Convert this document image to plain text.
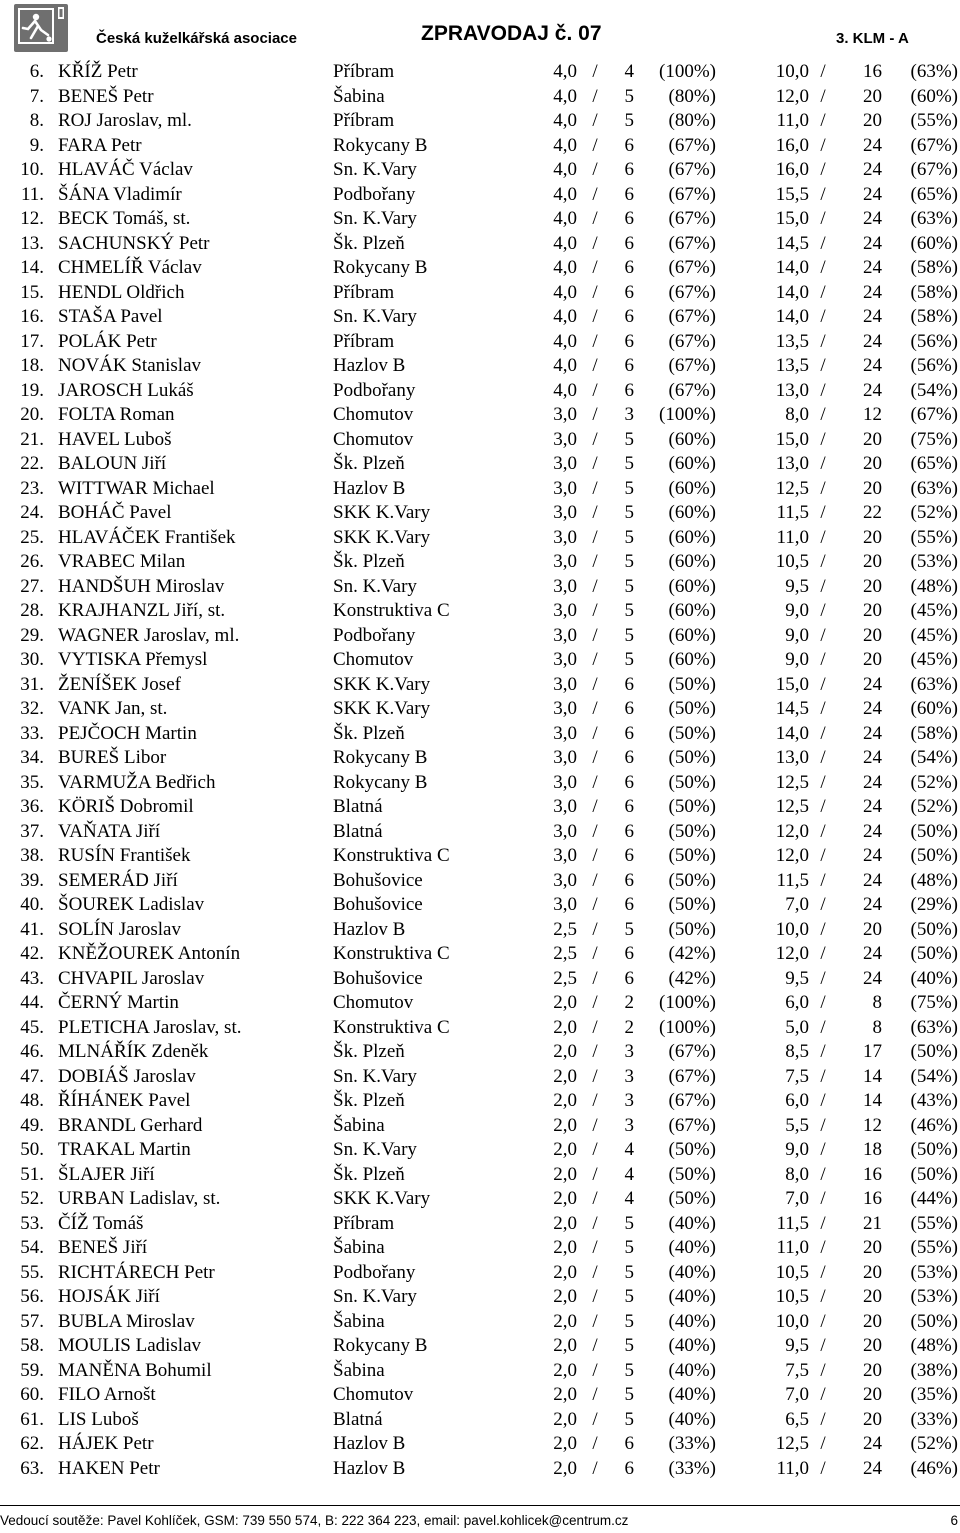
Česká kuželkářská asociace	ZPRAVODAJ č. 07	3. KLM - A
6. KŘÍŽ Petr	Příbram	4,0 /	4	(100%)	10,0 /	16	(63%)
7. BENEŠ Petr	Šabina	4,0 /	5	(80%)	12,0 /	20	(60%)
8. ROJ Jaroslav, ml.	Příbram	4,0 /	5	(80%)	11,0 /	20	(55%)
9. FARA Petr	Rokycany B	4,0 /	6	(67%)	16,0 /	24	(67%)
10. HLAVÁČ Václav	Sn. K.Vary	4,0 /	6	(67%)	16,0 /	24	(67%)
11. ŠÁNA Vladimír	Podbořany	4,0 /	6	(67%)	15,5 /	24	(65%)
12. BECK Tomáš, st.	Sn. K.Vary	4,0 /	6	(67%)	15,0 /	24	(63%)
13. SACHUNSKÝ Petr	Šk. Plzeň	4,0 /	6	(67%)	14,5 /	24	(60%)
14. CHMELÍŘ Václav	Rokycany B	4,0 /	6	(67%)	14,0 /	24	(58%)
15. HENDL Oldřich	Příbram	4,0 /	6	(67%)	14,0 /	24	(58%)
16. STAŠA Pavel	Sn. K.Vary	4,0 /	6	(67%)	14,0 /	24	(58%)
17. POLÁK Petr	Příbram	4,0 /	6	(67%)	13,5 /	24	(56%)
18. NOVÁK Stanislav	Hazlov B	4,0 /	6	(67%)	13,5 /	24	(56%)
19. JAROSCH Lukáš	Podbořany	4,0 /	6	(67%)	13,0 /	24	(54%)
20. FOLTA Roman	Chomutov	3,0 /	3	(100%)	8,0 /	12	(67%)
21. HAVEL Luboš	Chomutov	3,0 /	5	(60%)	15,0 /	20	(75%)
22. BALOUN Jiří	Šk. Plzeň	3,0 /	5	(60%)	13,0 /	20	(65%)
23. WITTWAR Michael	Hazlov B	3,0 /	5	(60%)	12,5 /	20	(63%)
24. BOHÁČ Pavel	SKK K.Vary	3,0 /	5	(60%)	11,5 /	22	(52%)
25. HLAVÁČEK František	SKK K.Vary	3,0 /	5	(60%)	11,0 /	20	(55%)
26. VRABEC Milan	Šk. Plzeň	3,0 /	5	(60%)	10,5 /	20	(53%)
27. HANDŠUH Miroslav	Sn. K.Vary	3,0 /	5	(60%)	9,5 /	20	(48%)
28. KRAJHANZL Jiří, st.	Konstruktiva C	3,0 /	5	(60%)	9,0 /	20	(45%)
29. WAGNER Jaroslav, ml.	Podbořany	3,0 /	5	(60%)	9,0 /	20	(45%)
30. VYTISKA Přemysl	Chomutov	3,0 /	5	(60%)	9,0 /	20	(45%)
31. ŽENÍŠEK Josef	SKK K.Vary	3,0 /	6	(50%)	15,0 /	24	(63%)
32. VANK Jan, st.	SKK K.Vary	3,0 /	6	(50%)	14,5 /	24	(60%)
33. PEJČOCH Martin	Šk. Plzeň	3,0 /	6	(50%)	14,0 /	24	(58%)
34. BUREŠ Libor	Rokycany B	3,0 /	6	(50%)	13,0 /	24	(54%)
35. VARMUŽA Bedřich	Rokycany B	3,0 /	6	(50%)	12,5 /	24	(52%)
36. KÖRIŠ Dobromil	Blatná	3,0 /	6	(50%)	12,5 /	24	(52%)
37. VAŇATA Jiří	Blatná	3,0 /	6	(50%)	12,0 /	24	(50%)
38. RUSÍN František	Konstruktiva C	3,0 /	6	(50%)	12,0 /	24	(50%)
39. SEMERÁD Jiří	Bohušovice	3,0 /	6	(50%)	11,5 /	24	(48%)
40. ŠOUREK Ladislav	Bohušovice	3,0 /	6	(50%)	7,0 /	24	(29%)
41. SOLÍN Jaroslav	Hazlov B	2,5 /	5	(50%)	10,0 /	20	(50%)
42. KNĚŽOUREK Antonín	Konstruktiva C	2,5 /	6	(42%)	12,0 /	24	(50%)
43. CHVAPIL Jaroslav	Bohušovice	2,5 /	6	(42%)	9,5 /	24	(40%)
44. ČERNÝ Martin	Chomutov	2,0 /	2	(100%)	6,0 /	8	(75%)
45. PLETICHA Jaroslav, st.	Konstruktiva C	2,0 /	2	(100%)	5,0 /	8	(63%)
46. MLNÁŘÍK Zdeněk	Šk. Plzeň	2,0 /	3	(67%)	8,5 /	17	(50%)
47. DOBIÁŠ Jaroslav	Sn. K.Vary	2,0 /	3	(67%)	7,5 /	14	(54%)
48. ŘÍHÁNEK Pavel	Šk. Plzeň	2,0 /	3	(67%)	6,0 /	14	(43%)
49. BRANDL Gerhard	Šabina	2,0 /	3	(67%)	5,5 /	12	(46%)
50. TRAKAL Martin	Sn. K.Vary	2,0 /	4	(50%)	9,0 /	18	(50%)
51. ŠLAJER Jiří	Šk. Plzeň	2,0 /	4	(50%)	8,0 /	16	(50%)
52. URBAN Ladislav, st.	SKK K.Vary	2,0 /	4	(50%)	7,0 /	16	(44%)
53. ČÍŽ Tomáš	Příbram	2,0 /	5	(40%)	11,5 /	21	(55%)
54. BENEŠ Jiří	Šabina	2,0 /	5	(40%)	11,0 /	20	(55%)
55. RICHTÁRECH Petr	Podbořany	2,0 /	5	(40%)	10,5 /	20	(53%)
56. HOJSÁK Jiří	Sn. K.Vary	2,0 /	5	(40%)	10,5 /	20	(53%)
57. BUBLA Miroslav	Šabina	2,0 /	5	(40%)	10,0 /	20	(50%)
58. MOULIS Ladislav	Rokycany B	2,0 /	5	(40%)	9,5 /	20	(48%)
59. MANĚNA Bohumil	Šabina	2,0 /	5	(40%)	7,5 /	20	(38%)
60. FILO Arnošt	Chomutov	2,0 /	5	(40%)	7,0 /	20	(35%)
61. LIS Luboš	Blatná	2,0 /	5	(40%)	6,5 /	20	(33%)
62. HÁJEK Petr	Hazlov B	2,0 /	6	(33%)	12,5 /	24	(52%)
63. HAKEN Petr	Hazlov B	2,0 /	6	(33%)	11,0 /	24	(46%)
Vedoucí soutěže: Pavel Kohlíček, GSM: 739 550 574, B: 222 364 223, email: pavel.kohlicek@centrum.cz	6
